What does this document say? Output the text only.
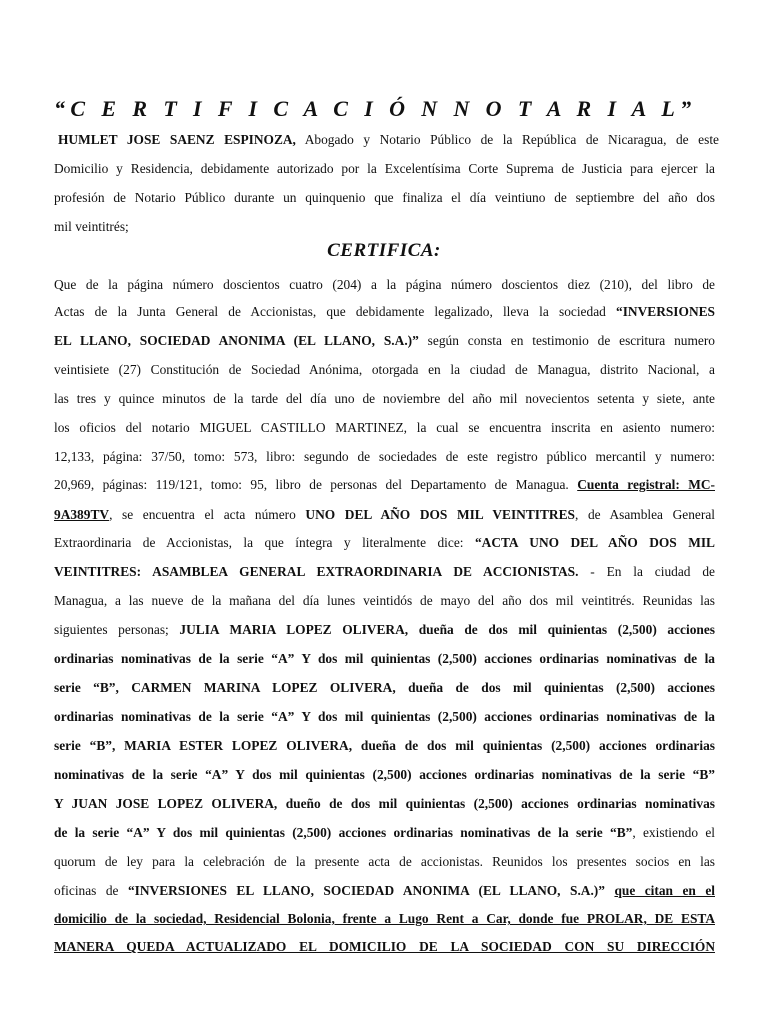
“C E R T I F I C A C I Ó N N O T A R I A L”
CERTIFICA:
HUMLET JOSE SAENZ ESPINOZA, Abogado y Notario Público de la República de Nicaragua, de este
Domicilio y Residencia, debidamente autorizado por la Excelentísima Corte Suprema de Justicia para ejercer la
profesión de Notario Público durante un quinquenio que finaliza el día veintiuno de septiembre del año dos
mil veintitrés;
Que de la página número doscientos cuatro (204) a la página número doscientos diez (210), del libro de
Actas de la Junta General de Accionistas, que debidamente legalizado, lleva la sociedad “INVERSIONES
EL LLANO, SOCIEDAD ANONIMA (EL LLANO, S.A.)” según consta en testimonio de escritura numero
veintisiete (27) Constitución de Sociedad Anónima, otorgada en la ciudad de Managua, distrito Nacional, a
las tres y quince minutos de la tarde del día uno de noviembre del año mil novecientos setenta y siete, ante
los oficios del notario MIGUEL CASTILLO MARTINEZ, la cual se encuentra inscrita en asiento numero:
12,133, página: 37/50, tomo: 573, libro: segundo de sociedades de este registro público mercantil y numero:
20,969, páginas: 119/121, tomo: 95, libro de personas del Departamento de Managua. Cuenta registral: MC-
9A389TV, se encuentra el acta número UNO DEL AÑO DOS MIL VEINTITRES, de Asamblea General
Extraordinaria de Accionistas, la que íntegra y literalmente dice: “ACTA UNO DEL AÑO DOS MIL
VEINTITRES: ASAMBLEA GENERAL EXTRAORDINARIA DE ACCIONISTAS. - En la ciudad de
Managua, a las nueve de la mañana del día lunes veintidós de mayo del año dos mil veintitrés. Reunidas las
siguientes personas; JULIA MARIA LOPEZ OLIVERA, dueña de dos mil quinientas (2,500) acciones
ordinarias nominativas de la serie “A” Y dos mil quinientas (2,500) acciones ordinarias nominativas de la
serie “B”, CARMEN MARINA LOPEZ OLIVERA, dueña de dos mil quinientas (2,500) acciones
ordinarias nominativas de la serie “A” Y dos mil quinientas (2,500) acciones ordinarias nominativas de la
serie “B”, MARIA ESTER LOPEZ OLIVERA, dueña de dos mil quinientas (2,500) acciones ordinarias
nominativas de la serie “A” Y dos mil quinientas (2,500) acciones ordinarias nominativas de la serie “B”
Y JUAN JOSE LOPEZ OLIVERA, dueño de dos mil quinientas (2,500) acciones ordinarias nominativas
de la serie “A” Y dos mil quinientas (2,500) acciones ordinarias nominativas de la serie “B”, existiendo el
quorum de ley para la celebración de la presente acta de accionistas. Reunidos los presentes socios en las
oficinas de “INVERSIONES EL LLANO, SOCIEDAD ANONIMA (EL LLANO, S.A.)” que citan en el
domicilio de la sociedad, Residencial Bolonia, frente a Lugo Rent a Car, donde fue PROLAR, DE ESTA
MANERA QUEDA ACTUALIZADO EL DOMICILIO DE LA SOCIEDAD CON SU DIRECCIÓN
